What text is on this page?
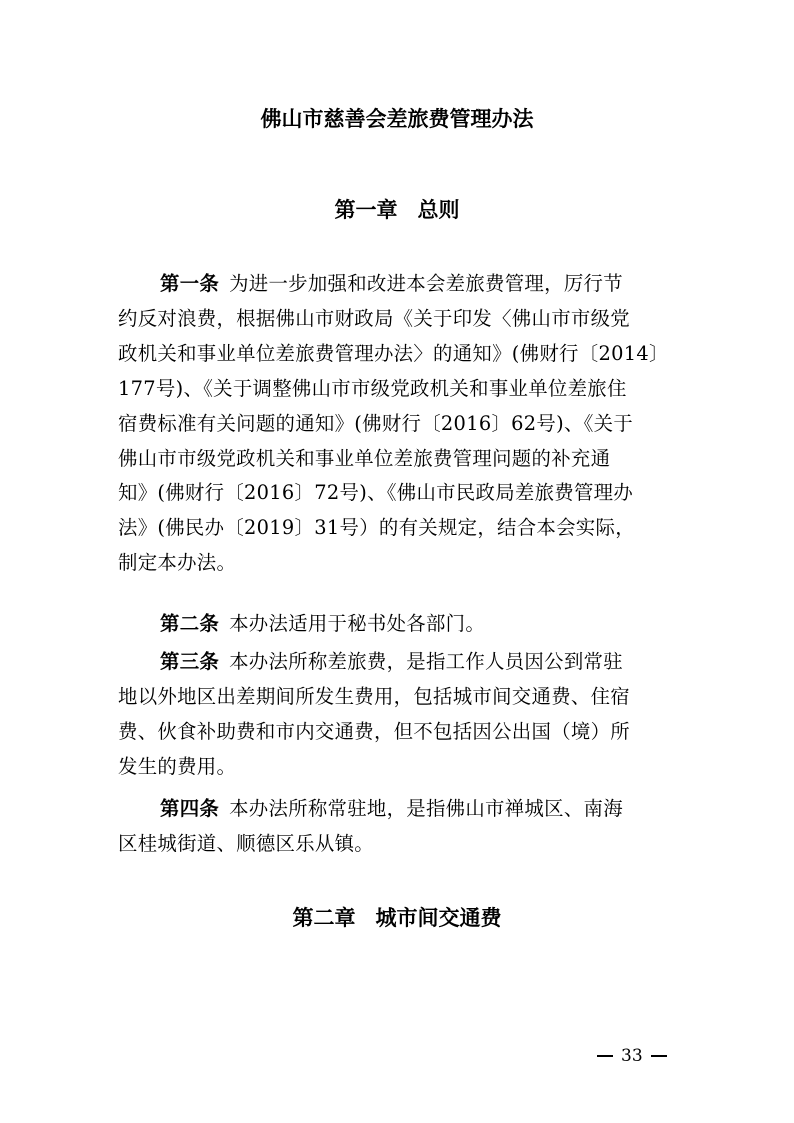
佛山市慈善会差旅费管理办法
第一章 总则
第一条 为进一步加强和改进本会差旅费管理，厉行节
约反对浪费，根据佛山市财政局《关于印发〈佛山市市级党
政机关和事业单位差旅费管理办法〉的通知》(佛财行〔2014〕
177号)、《关于调整佛山市市级党政机关和事业单位差旅住
宿费标准有关问题的通知》(佛财行〔2016〕62号)、《关于
佛山市市级党政机关和事业单位差旅费管理问题的补充通
知》(佛财行〔2016〕72号)、《佛山市民政局差旅费管理办
法》(佛民办〔2019〕31号）的有关规定，结合本会实际，
制定本办法。
第二条 本办法适用于秘书处各部门。
第三条 本办法所称差旅费，是指工作人员因公到常驻
地以外地区出差期间所发生费用，包括城市间交通费、住宿
费、伙食补助费和市内交通费，但不包括因公出国（境）所
发生的费用。
第四条 本办法所称常驻地，是指佛山市禅城区、南海
区桂城街道、顺德区乐从镇。
第二章 城市间交通费
33
